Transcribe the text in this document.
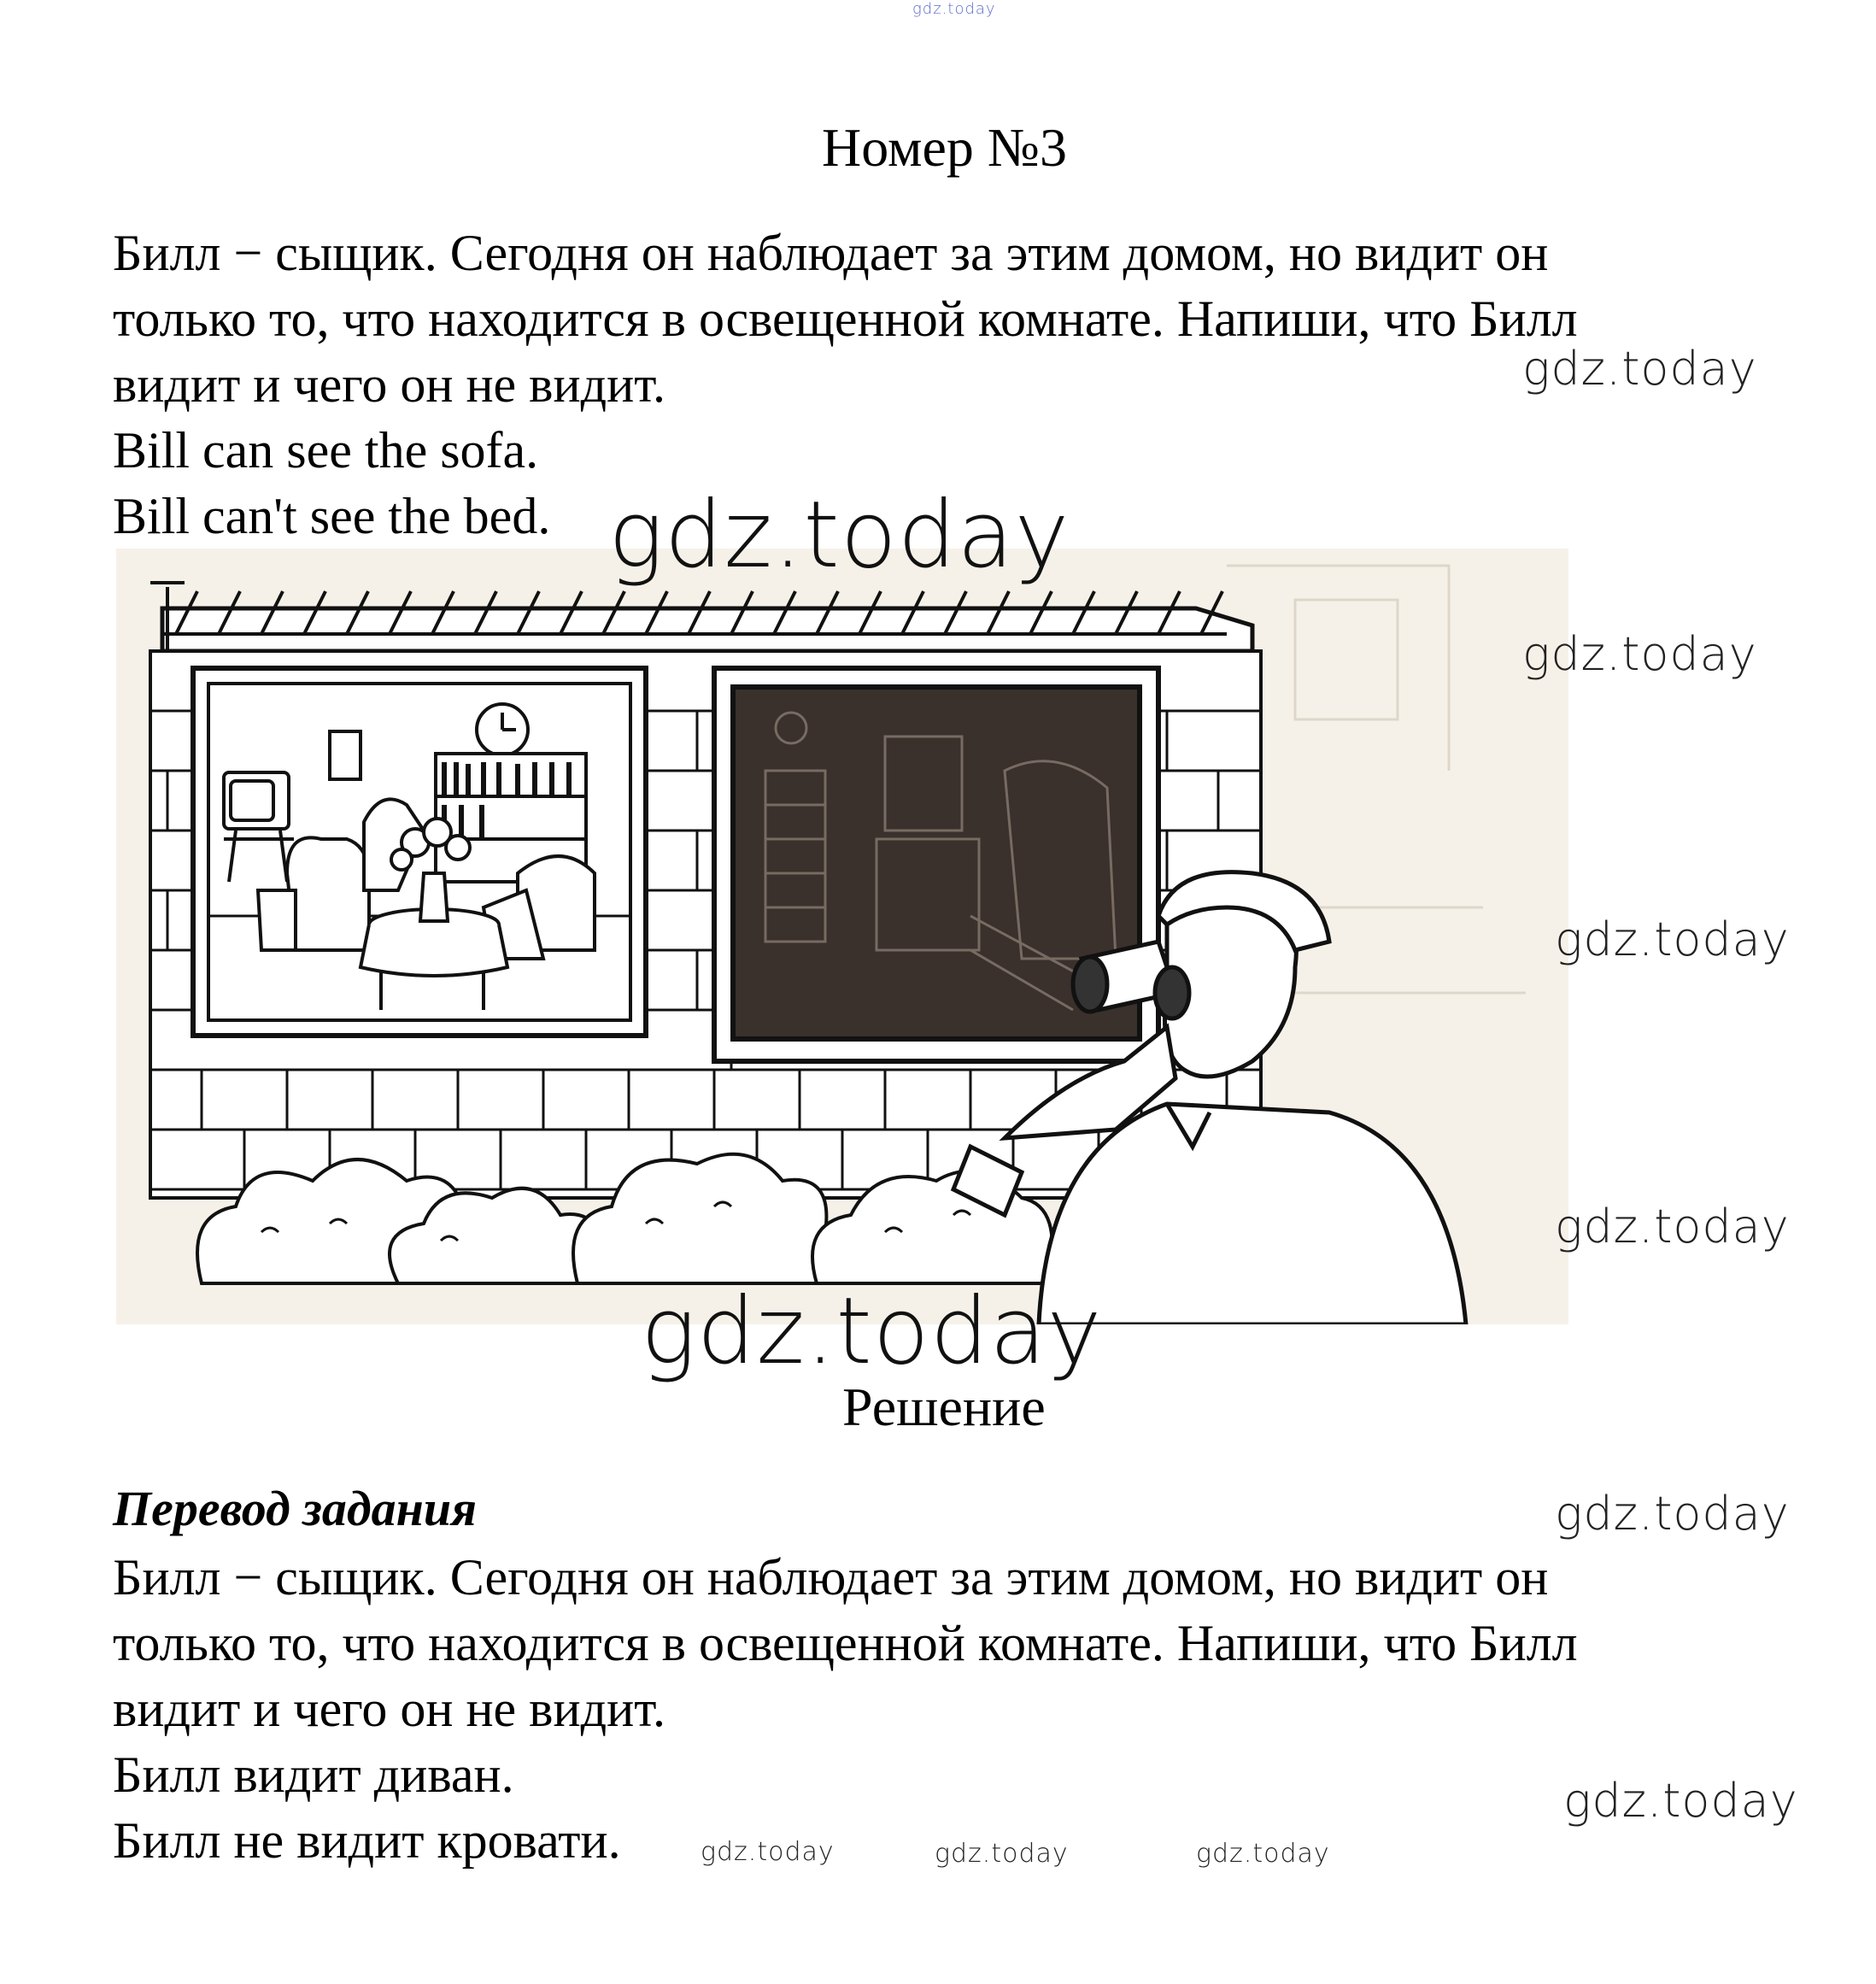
gdz.today
Номер №3
Билл − сыщик. Сегодня он наблюдает за этим домом, но видит он
только то, что находится в освещенной комнате. Напиши, что Билл
видит и чего он не видит.
Bill can see the sofa.
Bill can't see the bed.
gdz.today
gdz.today
gdz.today
gdz.today
gdz.today
gdz.today
Решение
Перевод задания	gdz.today
Билл − сыщик. Сегодня он наблюдает за этим домом, но видит он
только то, что находится в освещенной комнате. Напиши, что Билл
видит и чего он не видит.
Билл видит диван.	gdz.today
Билл не видит кровати.	gdz.today	gdz.today	gdz.today
